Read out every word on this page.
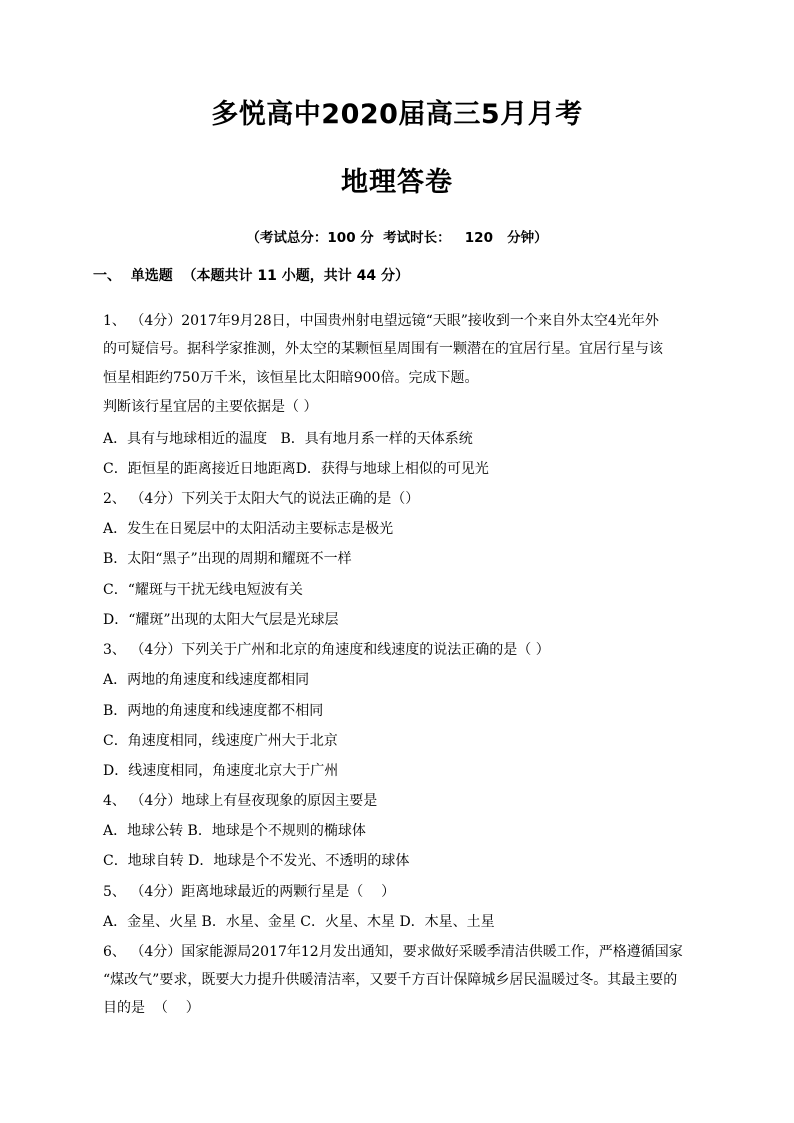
多悦高中2020届高三5月月考
地理答卷
（考试总分：100 分  考试时长：   120   分钟）
一、  单选题  （本题共计 11 小题，共计 44 分）
1、 （4分）2017年9月28日，中国贵州射电望远镜“天眼”接收到一个来自外太空4光年外
的可疑信号。据科学家推测，外太空的某颗恒星周围有一颗潜在的宜居行星。宜居行星与该
恒星相距约750万千米，该恒星比太阳暗900倍。完成下题。
判断该行星宜居的主要依据是（ ）
A．具有与地球相近的温度   B．具有地月系一样的天体系统
C．距恒星的距离接近日地距离D．获得与地球上相似的可见光
2、 （4分）下列关于太阳大气的说法正确的是（）
A．发生在日冕层中的太阳活动主要标志是极光
B．太阳“黑子”出现的周期和耀斑不一样
C．“耀斑与干扰无线电短波有关
D．“耀斑”出现的太阳大气层是光球层
3、 （4分）下列关于广州和北京的角速度和线速度的说法正确的是（ ）
A．两地的角速度和线速度都相同
B．两地的角速度和线速度都不相同
C．角速度相同，线速度广州大于北京
D．线速度相同，角速度北京大于广州
4、 （4分）地球上有昼夜现象的原因主要是
A．地球公转 B．地球是个不规则的椭球体
C．地球自转 D．地球是个不发光、不透明的球体
5、 （4分）距离地球最近的两颗行星是（    ）
A．金星、火星 B．水星、金星 C．火星、木星 D．木星、土星
6、 （4分）国家能源局2017年12月发出通知，要求做好采暖季清洁供暖工作，严格遵循国家
“煤改气”要求，既要大力提升供暖清洁率，又要千方百计保障城乡居民温暖过冬。其最主要的
目的是  （    ）
